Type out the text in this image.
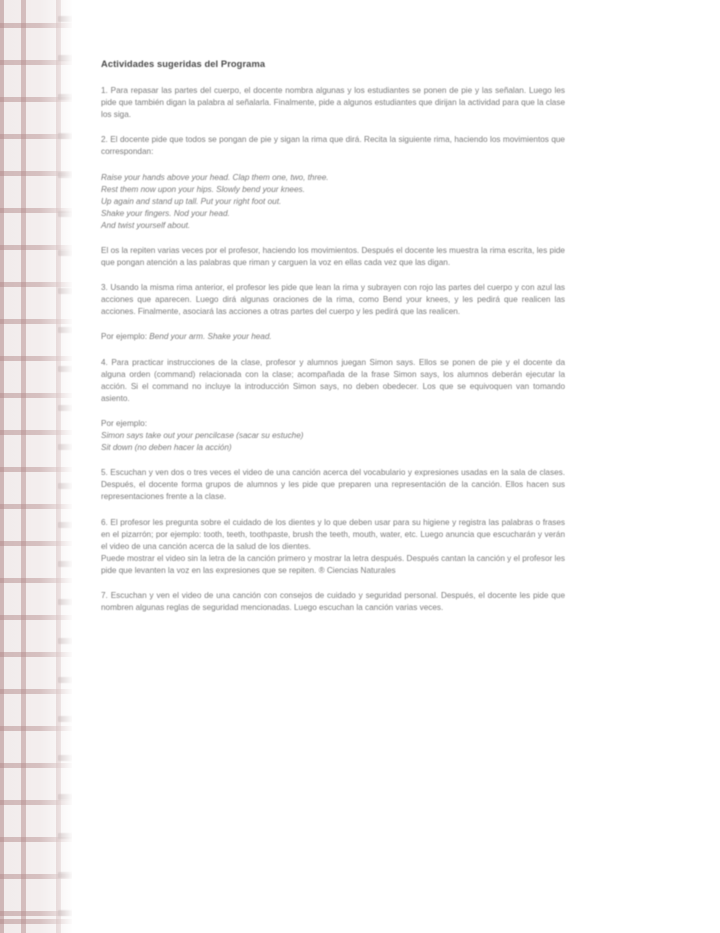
Actividades sugeridas del Programa

1. Para repasar las partes del cuerpo, el docente nombra algunas y los estudiantes se ponen de pie y las señalan. Luego les pide que también digan la palabra al señalarla. Finalmente, pide a algunos estudiantes que dirijan la actividad para que la clase los siga.

2. El docente pide que todos se pongan de pie y sigan la rima que dirá. Recita la siguiente rima, haciendo los movimientos que correspondan:

Raise your hands above your head. Clap them one, two, three.
Rest them now upon your hips. Slowly bend your knees.
Up again and stand up tall. Put your right foot out.
Shake your fingers. Nod your head.
And twist yourself about.

El os la repiten varias veces por el profesor, haciendo los movimientos. Después el docente les muestra la rima escrita, les pide que pongan atención a las palabras que riman y carguen la voz en ellas cada vez que las digan.

3. Usando la misma rima anterior, el profesor les pide que lean la rima y subrayen con rojo las partes del cuerpo y con azul las acciones que aparecen. Luego dirá algunas oraciones de la rima, como Bend your knees, y les pedirá que realicen las acciones. Finalmente, asociará las acciones a otras partes del cuerpo y les pedirá que las realicen.

Por ejemplo: Bend your arm. Shake your head.

4. Para practicar instrucciones de la clase, profesor y alumnos juegan Simon says. Ellos se ponen de pie y el docente da alguna orden (command) relacionada con la clase; acompañada de la frase Simon says, los alumnos deberán ejecutar la acción. Si el command no incluye la introducción Simon says, no deben obedecer. Los que se equivoquen van tomando asiento.

Por ejemplo:
Simon says take out your pencilcase (sacar su estuche)
Sit down (no deben hacer la acción)

5. Escuchan y ven dos o tres veces el video de una canción acerca del vocabulario y expresiones usadas en la sala de clases. Después, el docente forma grupos de alumnos y les pide que preparen una representación de la canción. Ellos hacen sus representaciones frente a la clase.

6. El profesor les pregunta sobre el cuidado de los dientes y lo que deben usar para su higiene y registra las palabras o frases en el pizarrón; por ejemplo: tooth, teeth, toothpaste, brush the teeth, mouth, water, etc. Luego anuncia que escucharán y verán el video de una canción acerca de la salud de los dientes.
Puede mostrar el video sin la letra de la canción primero y mostrar la letra después. Después cantan la canción y el profesor les pide que levanten la voz en las expresiones que se repiten. ® Ciencias Naturales

7. Escuchan y ven el video de una canción con consejos de cuidado y seguridad personal. Después, el docente les pide que nombren algunas reglas de seguridad mencionadas. Luego escuchan la canción varias veces.
